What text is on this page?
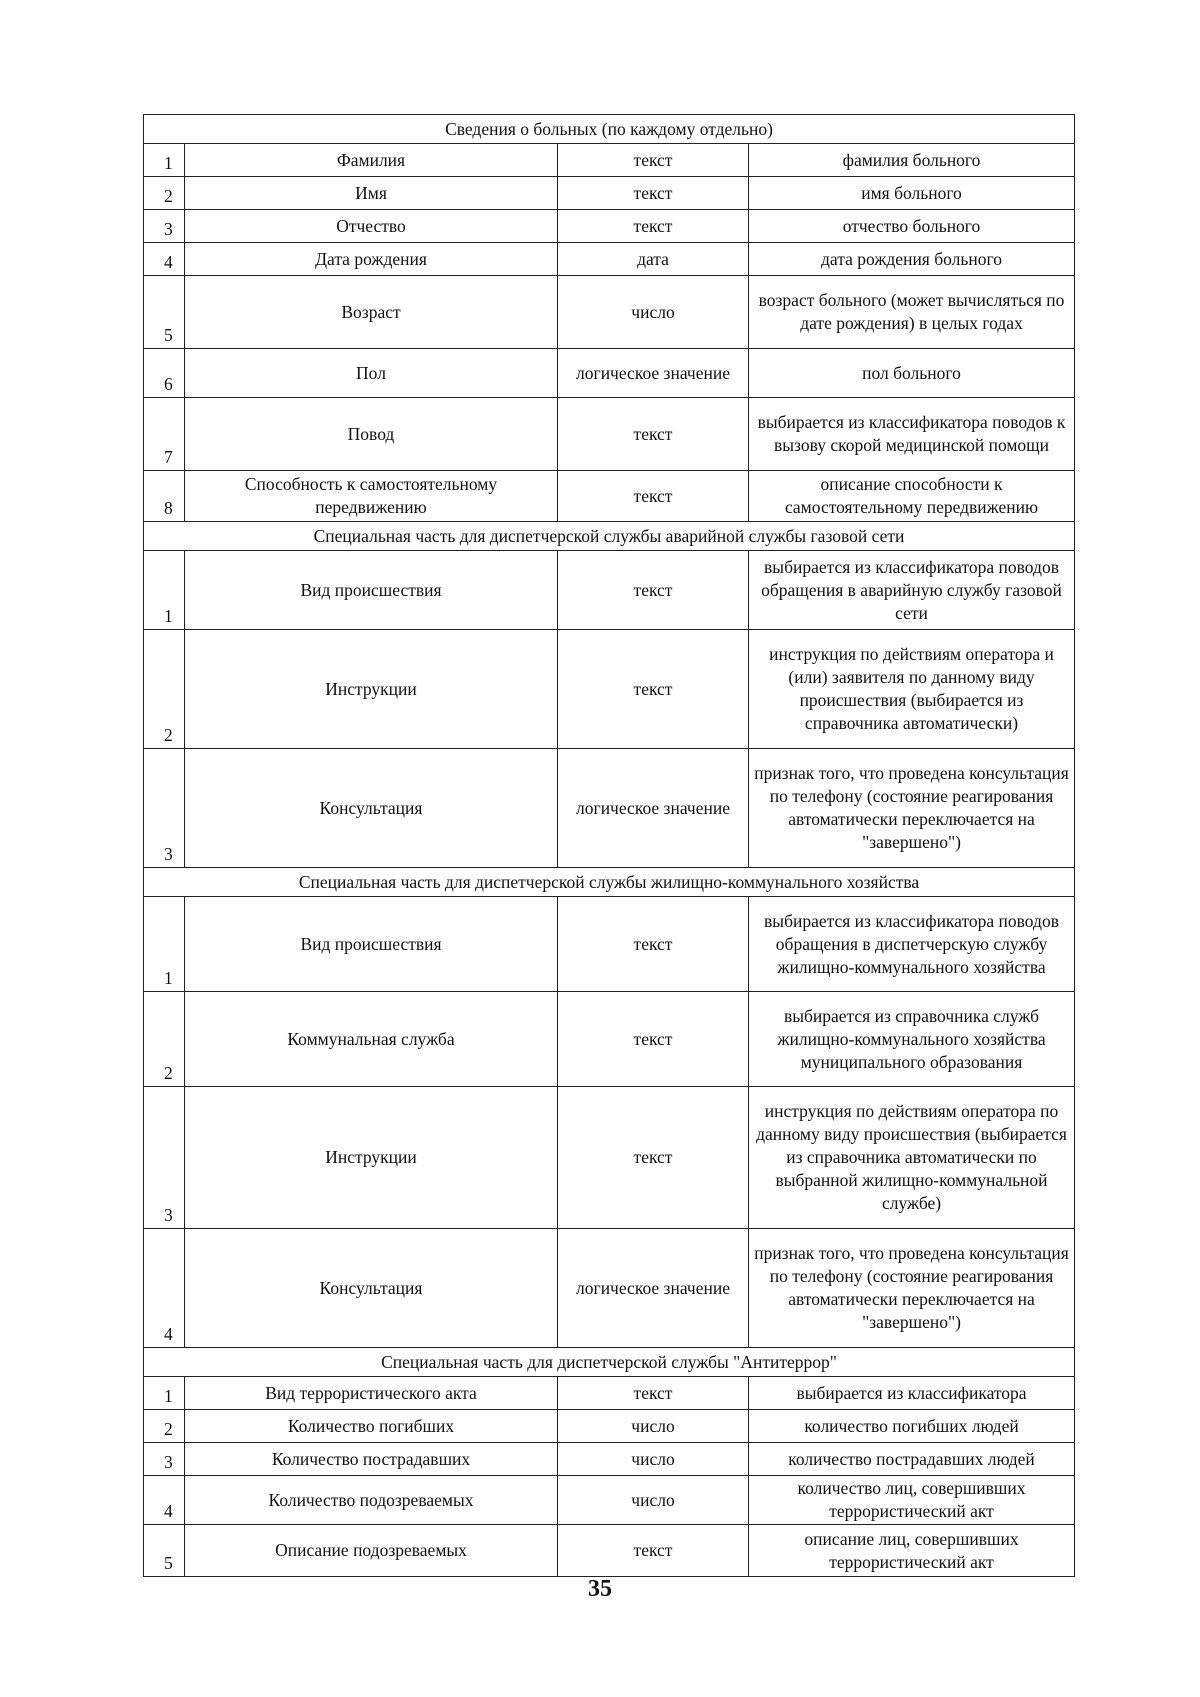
Сведения о больных (по каждому отдельно)			
1	Фамилия	текст	фамилия больного
2	Имя	текст	имя больного
3	Отчество	текст	отчество больного
4	Дата рождения	дата	дата рождения больного
5	Возраст	число	возраст больного (может вычисляться по дате рождения) в целых годах
6	Пол	логическое значение	пол больного
7	Повод	текст	выбирается из классификатора поводов к вызову скорой медицинской помощи
8	Способность к самостоятельному передвижению	текст	описание способности к самостоятельному передвижению
Специальная часть для диспетчерской службы аварийной службы газовой сети			
1	Вид происшествия	текст	выбирается из классификатора поводов обращения в аварийную службу газовой сети
2	Инструкции	текст	инструкция по действиям оператора и (или) заявителя по данному виду происшествия (выбирается из справочника автоматически)
3	Консультация	логическое значение	признак того, что проведена консультация по телефону (состояние реагирования автоматически переключается на "завершено")
Специальная часть для диспетчерской службы жилищно-коммунального хозяйства			
1	Вид происшествия	текст	выбирается из классификатора поводов обращения в диспетчерскую службу жилищно-коммунального хозяйства
2	Коммунальная служба	текст	выбирается из справочника служб жилищно-коммунального хозяйства муниципального образования
3	Инструкции	текст	инструкция по действиям оператора по данному виду происшествия (выбирается из справочника автоматически по выбранной жилищно-коммунальной службе)
4	Консультация	логическое значение	признак того, что проведена консультация по телефону (состояние реагирования автоматически переключается на "завершено")
Специальная часть для диспетчерской службы "Антитеррор"			
1	Вид террористического акта	текст	выбирается из классификатора
2	Количество погибших	число	количество погибших людей
3	Количество пострадавших	число	количество пострадавших людей
4	Количество подозреваемых	число	количество лиц, совершивших террористический акт
5	Описание подозреваемых	текст	описание лиц, совершивших террористический акт
35
